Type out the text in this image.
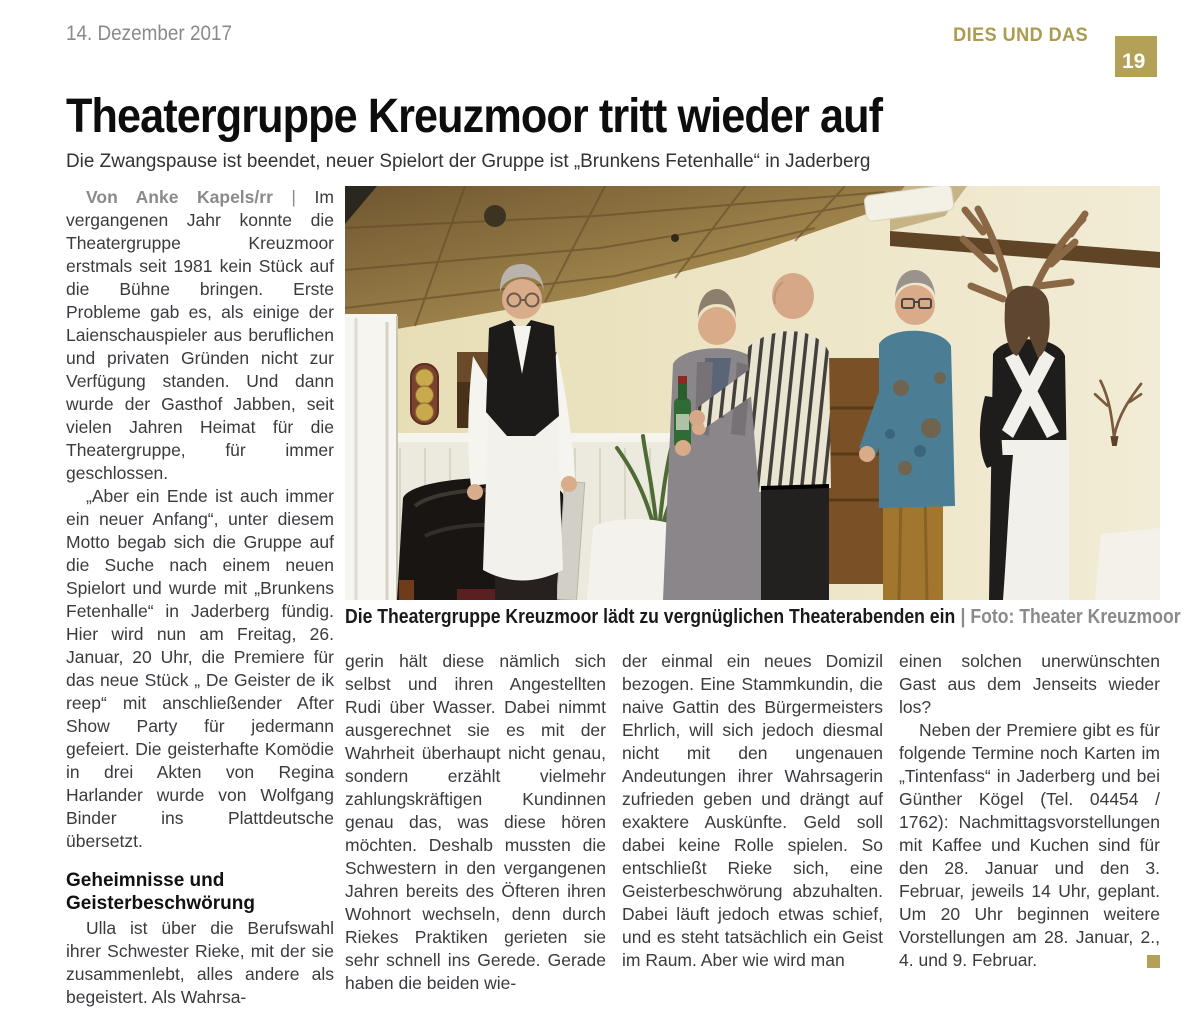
14. Dezember 2017	DIES UND DAS
19
Theatergruppe Kreuzmoor tritt wieder auf

Die Zwangspause ist beendet, neuer Spielort der Gruppe ist „Brunkens Fetenhalle“ in Jaderberg

Von Anke Kapels/rr | Im vergangenen Jahr konnte die Theatergruppe Kreuzmoor erstmals seit 1981 kein Stück auf die Bühne bringen. Erste Probleme gab es, als einige der Laienschauspieler aus beruflichen und privaten Gründen nicht zur Verfügung standen. Und dann wurde der Gasthof Jabben, seit vielen Jahren Heimat für die Theatergruppe, für immer geschlossen.

„Aber ein Ende ist auch immer ein neuer Anfang“, unter diesem Motto begab sich die Gruppe auf die Suche nach einem neuen Spielort und wurde mit „Brunkens Fetenhalle“ in Jaderberg fündig. Hier wird nun am Freitag, 26. Januar, 20 Uhr, die Premiere für das neue Stück „ De Geister de ik reep“ mit anschließender After Show Party für jedermann gefeiert. Die geisterhafte Komödie in drei Akten von Regina Harlander wurde von Wolfgang Binder ins Plattdeutsche übersetzt.

Geheimnisse und Geisterbeschwörung

Ulla ist über die Berufswahl ihrer Schwester Rieke, mit der sie zusammenlebt, alles andere als begeistert. Als Wahrsa-

Die Theatergruppe Kreuzmoor lädt zu vergnüglichen Theaterabenden ein | Foto: Theater Kreuzmoor

gerin hält diese nämlich sich selbst und ihren Angestellten Rudi über Wasser. Dabei nimmt ausgerechnet sie es mit der Wahrheit überhaupt nicht genau, sondern erzählt vielmehr zahlungskräftigen Kundinnen genau das, was diese hören möchten. Deshalb mussten die Schwestern in den vergangenen Jahren bereits des Öfteren ihren Wohnort wechseln, denn durch Riekes Praktiken gerieten sie sehr schnell ins Gerede. Gerade haben die beiden wie-

der einmal ein neues Domizil bezogen. Eine Stammkundin, die naive Gattin des Bürgermeisters Ehrlich, will sich jedoch diesmal nicht mit den ungenauen Andeutungen ihrer Wahrsagerin zufrieden geben und drängt auf exaktere Auskünfte. Geld soll dabei keine Rolle spielen. So entschließt Rieke sich, eine Geisterbeschwörung abzuhalten. Dabei läuft jedoch etwas schief, und es steht tatsächlich ein Geist im Raum. Aber wie wird man

einen solchen unerwünschten Gast aus dem Jenseits wieder los?

Neben der Premiere gibt es für folgende Termine noch Karten im „Tintenfass“ in Jaderberg und bei Günther Kögel (Tel. 04454 / 1762): Nachmittagsvorstellungen mit Kaffee und Kuchen sind für den 28. Januar und den 3. Februar, jeweils 14 Uhr, geplant. Um 20 Uhr beginnen weitere Vorstellungen am 28. Januar, 2., 4. und 9. Februar.
